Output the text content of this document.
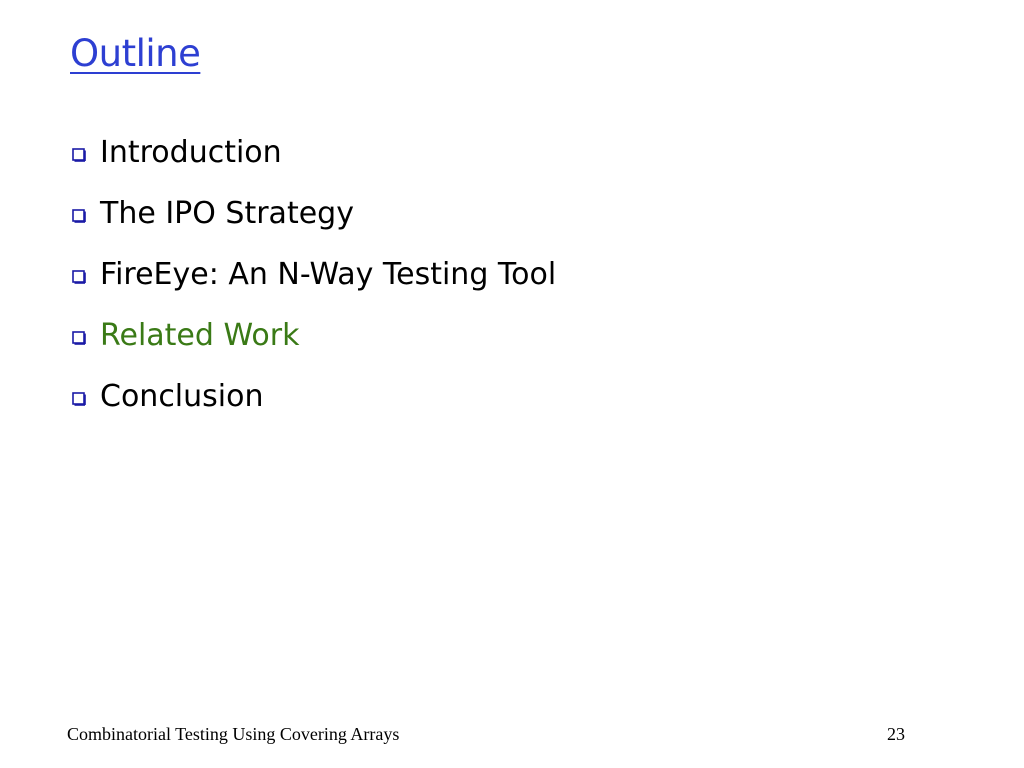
Outline
Introduction
The IPO Strategy
FireEye: An N-Way Testing Tool
Related Work
Conclusion
Combinatorial Testing Using Covering Arrays	23
